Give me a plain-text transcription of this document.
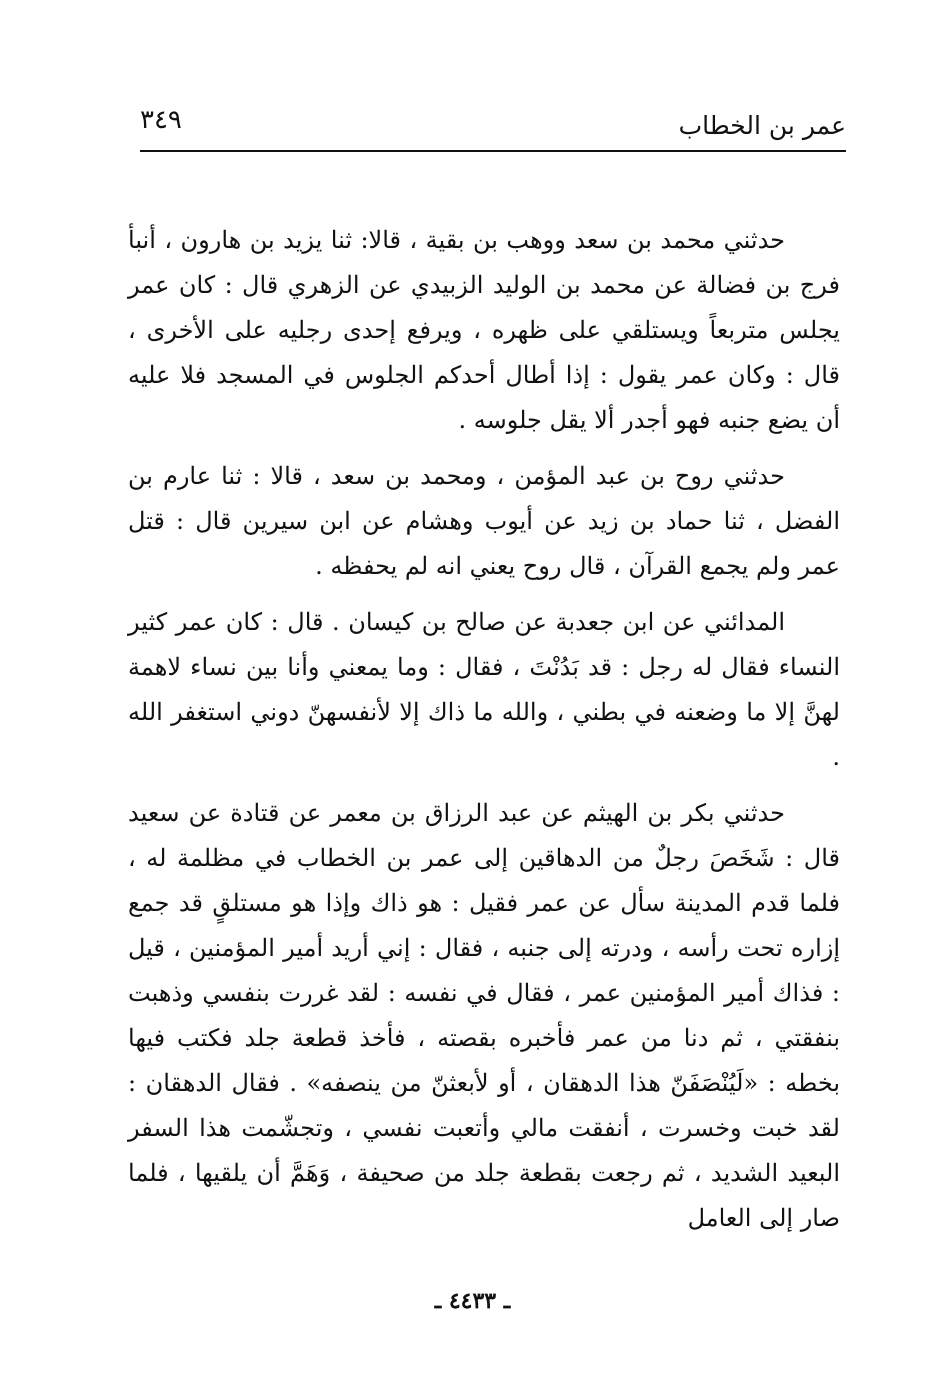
عمر بن الخطاب
٣٤٩

حدثني محمد بن سعد ووهب بن بقية ، قالا: ثنا يزيد بن هارون ، أنبأ فرج بن فضالة عن محمد بن الوليد الزبيدي عن الزهري قال : كان عمر يجلس متربعاً ويستلقي على ظهره ، ويرفع إحدى رجليه على الأخرى ، قال : وكان عمر يقول : إذا أطال أحدكم الجلوس في المسجد فلا عليه أن يضع جنبه فهو أجدر ألا يقل جلوسه .

حدثني روح بن عبد المؤمن ، ومحمد بن سعد ، قالا : ثنا عارم بن الفضل ، ثنا حماد بن زيد عن أيوب وهشام عن ابن سيرين قال : قتل عمر ولم يجمع القرآن ، قال روح يعني انه لم يحفظه .

المدائني عن ابن جعدبة عن صالح بن كيسان . قال : كان عمر كثير النساء فقال له رجل : قد بَدُنْتَ ، فقال : وما يمعني وأنا بين نساء لاهمة لهنَّ إلا ما وضعنه في بطني ، والله ما ذاك إلا لأنفسهنّ دوني استغفر الله .

حدثني بكر بن الهيثم عن عبد الرزاق بن معمر عن قتادة عن سعيد قال : شَخَصَ رجلٌ من الدهاقين إلى عمر بن الخطاب في مظلمة له ، فلما قدم المدينة سأل عن عمر فقيل : هو ذاك وإذا هو مستلقٍ قد جمع إزاره تحت رأسه ، ودرته إلى جنبه ، فقال : إني أريد أمير المؤمنين ، قيل : فذاك أمير المؤمنين عمر ، فقال في نفسه : لقد غررت بنفسي وذهبت بنفقتي ، ثم دنا من عمر فأخبره بقصته ، فأخذ قطعة جلد فكتب فيها بخطه : «لَيُنْصَفَنّ هذا الدهقان ، أو لأبعثنّ من ينصفه» . فقال الدهقان : لقد خبت وخسرت ، أنفقت مالي وأتعبت نفسي ، وتجشّمت هذا السفر البعيد الشديد ، ثم رجعت بقطعة جلد من صحيفة ، وَهَمَّ أن يلقيها ، فلما صار إلى العامل

ـ ٤٤٣٣ ـ
